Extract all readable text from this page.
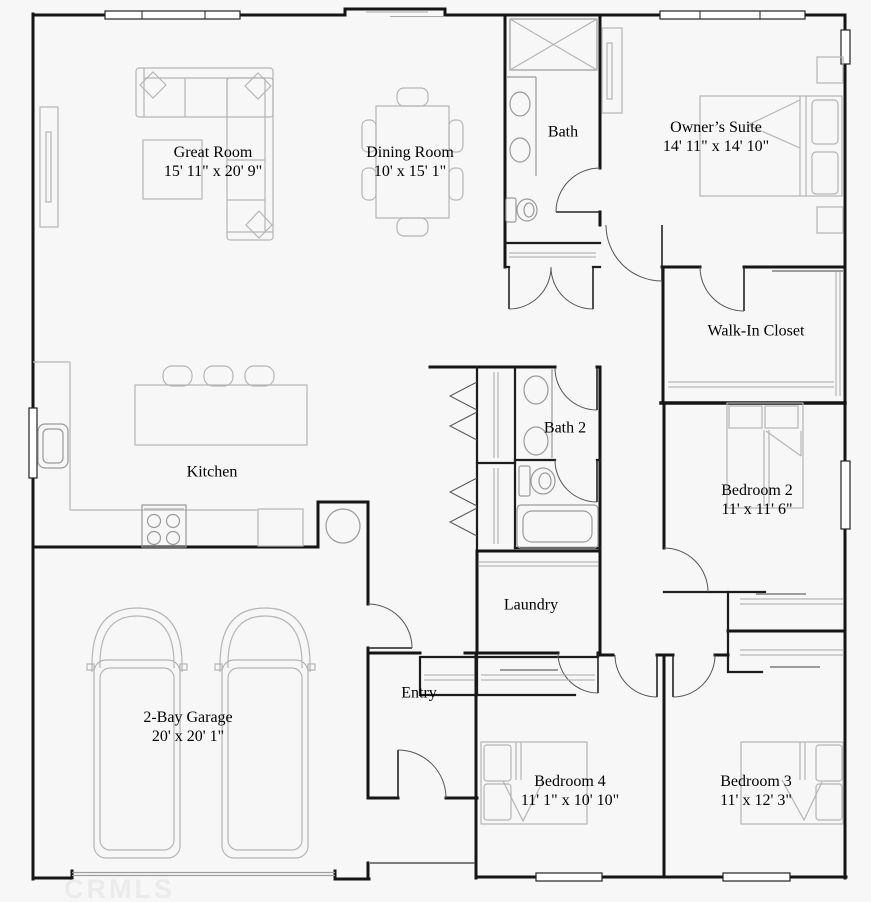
Great Room
15' 11" x 20' 9"
Dining Room
10' x 15' 1"
Bath	Owner’s Suite
14' 11" x 14' 10"
Walk-In Closet
Bath 2
Bedroom 2
11' x 11' 6"
Kitchen
Laundry
Entry
2-Bay Garage
20' x 20' 1"
Bedroom 4
11' 1" x 10' 10"
Bedroom 3
11' x 12' 3"
CRMLS
